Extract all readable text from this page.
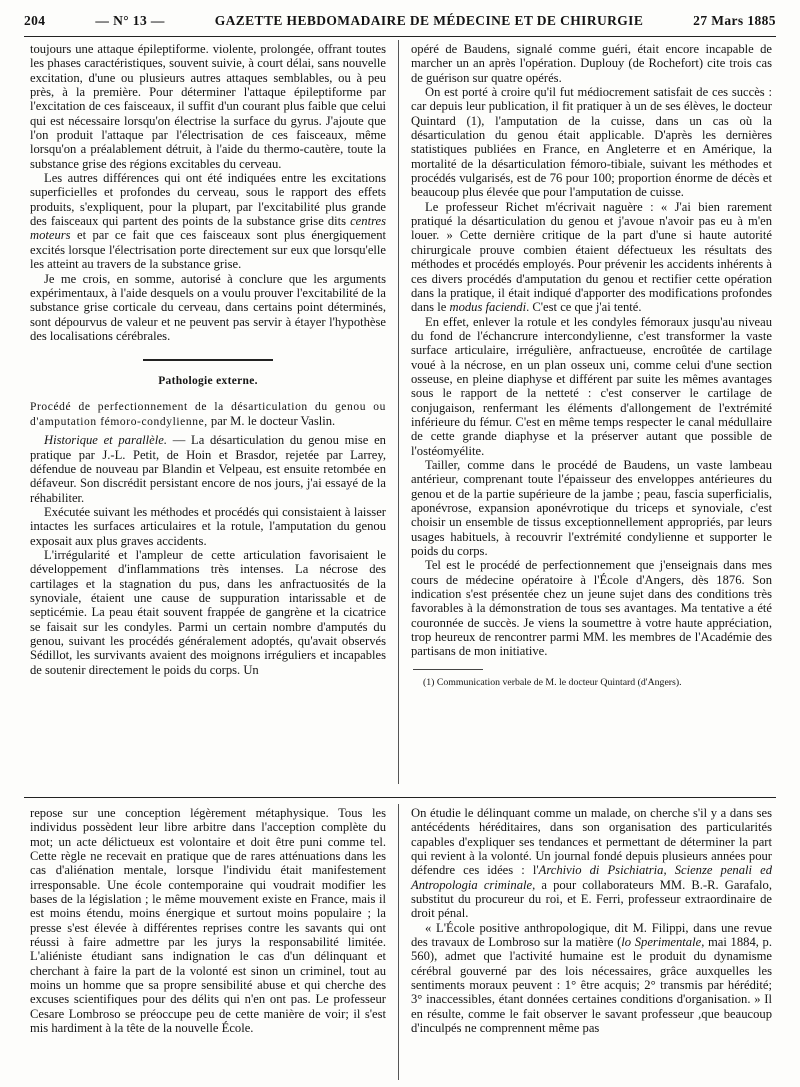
204	— N° 13 —	GAZETTE HEBDOMADAIRE DE MÉDECINE ET DE CHIRURGIE	27 Mars 1885

toujours une attaque épileptiforme. violente, prolongée, offrant toutes les phases caractéristiques, souvent suivie, à court délai, sans nouvelle excitation, d'une ou plusieurs autres attaques semblables, ou à peu près, à la première. Pour déterminer l'attaque épileptiforme par l'excitation de ces faisceaux, il suffit d'un courant plus faible que celui qui est nécessaire lorsqu'on électrise la surface du gyrus. J'ajoute que l'on produit l'attaque par l'électrisation de ces faisceaux, même lorsqu'on a préalablement détruit, à l'aide du thermo-cautère, toute la substance grise des régions excitables du cerveau.

Les autres différences qui ont été indiquées entre les excitations superficielles et profondes du cerveau, sous le rapport des effets produits, s'expliquent, pour la plupart, par l'excitabilité plus grande des faisceaux qui partent des points de la substance grise dits centres moteurs et par ce fait que ces faisceaux sont plus énergiquement excités lorsque l'électrisation porte directement sur eux que lorsqu'elle les atteint au travers de la substance grise.

Je me crois, en somme, autorisé à conclure que les arguments expérimentaux, à l'aide desquels on a voulu prouver l'excitabilité de la substance grise corticale du cerveau, dans certains point déterminés, sont dépourvus de valeur et ne peuvent pas servir à étayer l'hypothèse des localisations cérébrales.

Pathologie externe.

Procédé de perfectionnement de la désarticulation du genou ou d'amputation fémoro-condylienne, par M. le docteur Vaslin.

Historique et parallèle. — La désarticulation du genou mise en pratique par J.-L. Petit, de Hoin et Brasdor, rejetée par Larrey, défendue de nouveau par Blandin et Velpeau, est ensuite retombée en défaveur. Son discrédit persistant encore de nos jours, j'ai essayé de la réhabiliter.

Exécutée suivant les méthodes et procédés qui consistaient à laisser intactes les surfaces articulaires et la rotule, l'amputation du genou exposait aux plus graves accidents.

L'irrégularité et l'ampleur de cette articulation favorisaient le développement d'inflammations très intenses. La nécrose des cartilages et la stagnation du pus, dans les anfractuosités de la synoviale, étaient une cause de suppuration intarissable et de septicémie. La peau était souvent frappée de gangrène et la cicatrice se faisait sur les condyles. Parmi un certain nombre d'amputés du genou, suivant les procédés généralement adoptés, qu'avait observés Sédillot, les survivants avaient des moignons irréguliers et incapables de soutenir directement le poids du corps. Un

opéré de Baudens, signalé comme guéri, était encore incapable de marcher un an après l'opération. Duplouy (de Rochefort) cite trois cas de guérison sur quatre opérés.

On est porté à croire qu'il fut médiocrement satisfait de ces succès : car depuis leur publication, il fit pratiquer à un de ses élèves, le docteur Quintard (1), l'amputation de la cuisse, dans un cas où la désarticulation du genou était applicable. D'après les dernières statistiques publiées en France, en Angleterre et en Amérique, la mortalité de la désarticulation fémoro-tibiale, suivant les méthodes et procédés vulgarisés, est de 76 pour 100; proportion énorme de décès et beaucoup plus élevée que pour l'amputation de cuisse.

Le professeur Richet m'écrivait naguère : « J'ai bien rarement pratiqué la désarticulation du genou et j'avoue n'avoir pas eu à m'en louer. » Cette dernière critique de la part d'une si haute autorité chirurgicale prouve combien étaient défectueux les résultats des méthodes et procédés employés. Pour prévenir les accidents inhérents à ces divers procédés d'amputation du genou et rectifier cette opération dans la pratique, il était indiqué d'apporter des modifications profondes dans le modus faciendi. C'est ce que j'ai tenté.

En effet, enlever la rotule et les condyles fémoraux jusqu'au niveau du fond de l'échancrure intercondylienne, c'est transformer la vaste surface articulaire, irrégulière, anfractueuse, encroûtée de cartilage voué à la nécrose, en un plan osseux uni, comme celui d'une section osseuse, en pleine diaphyse et différent par suite les mêmes avantages sous le rapport de la netteté : c'est conserver le cartilage de conjugaison, renfermant les éléments d'allongement de l'extrémité inférieure du fémur. C'est en même temps respecter le canal médullaire de cette grande diaphyse et la préserver autant que possible de l'ostéomyélite.

Tailler, comme dans le procédé de Baudens, un vaste lambeau antérieur, comprenant toute l'épaisseur des enveloppes antérieures du genou et de la partie supérieure de la jambe ; peau, fascia superficialis, aponévrose, expansion aponévrotique du triceps et synoviale, c'est choisir un ensemble de tissus exceptionnellement appropriés, par leurs usages habituels, à recouvrir l'extrémité condylienne et supporter le poids du corps.

Tel est le procédé de perfectionnement que j'enseignais dans mes cours de médecine opératoire à l'École d'Angers, dès 1876. Son indication s'est présentée chez un jeune sujet dans des conditions très favorables à la démonstration de tous ses avantages. Ma tentative a été couronnée de succès. Je viens la soumettre à votre haute appréciation, trop heureux de rencontrer parmi MM. les membres de l'Académie des partisans de mon initiative.

(1) Communication verbale de M. le docteur Quintard (d'Angers).

repose sur une conception légèrement métaphysique. Tous les individus possèdent leur libre arbitre dans l'acception complète du mot; un acte délictueux est volontaire et doit être puni comme tel. Cette règle ne recevait en pratique que de rares atténuations dans les cas d'aliénation mentale, lorsque l'individu était manifestement irresponsable. Une école contemporaine qui voudrait modifier les bases de la législation ; le même mouvement existe en France, mais il est moins étendu, moins énergique et surtout moins populaire ; la presse s'est élevée à différentes reprises contre les savants qui ont réussi à faire admettre par les jurys la responsabilité limitée. L'aliéniste étudiant sans indignation le cas d'un délinquant et cherchant à faire la part de la volonté est sinon un criminel, tout au moins un homme que sa propre sensibilité abuse et qui cherche des excuses scientifiques pour des délits qui n'en ont pas. Le professeur Cesare Lombroso se préoccupe peu de cette manière de voir; il s'est mis hardiment à la tête de la nouvelle École.

On étudie le délinquant comme un malade, on cherche s'il y a dans ses antécédents héréditaires, dans son organisation des particularités capables d'expliquer ses tendances et permettant de déterminer la part qui revient à la volonté. Un journal fondé depuis plusieurs années pour défendre ces idées : l'Archivio di Psichiatria, Scienze penali ed Antropologia criminale, a pour collaborateurs MM. B.-R. Garafalo, substitut du procureur du roi, et E. Ferri, professeur extraordinaire de droit pénal.

« L'École positive anthropologique, dit M. Filippi, dans une revue des travaux de Lombroso sur la matière (lo Sperimentale, mai 1884, p. 560), admet que l'activité humaine est le produit du dynamisme cérébral gouverné par des lois nécessaires, grâce auxquelles les sentiments moraux peuvent : 1° être acquis; 2° transmis par hérédité; 3° inaccessibles, étant données certaines conditions d'organisation. » Il en résulte, comme le fait observer le savant professeur ,que beaucoup d'inculpés ne comprennent même pas
